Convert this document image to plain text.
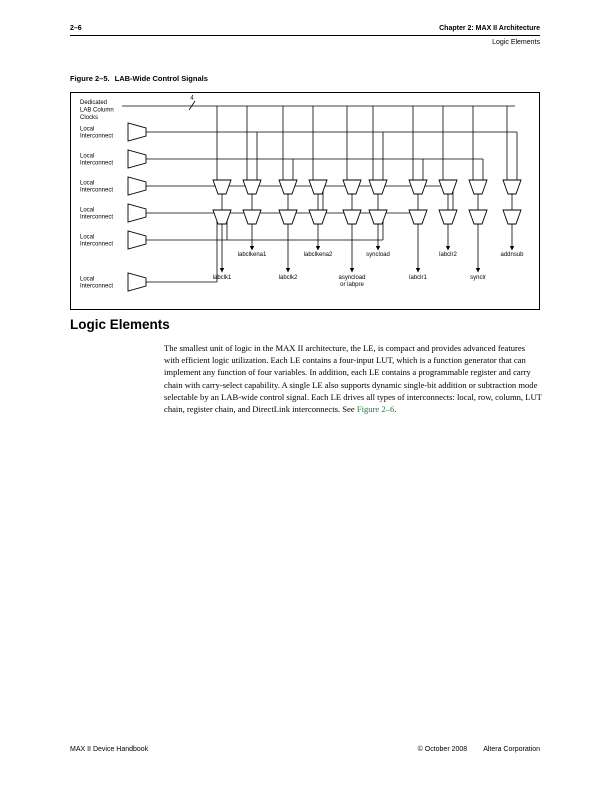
2–6	Chapter 2: MAX II Architecture
Logic Elements
Figure 2–5. LAB-Wide Control Signals
Dedicated
LAB Column
Clocks
4
Local
Interconnect
Local
Interconnect
Local
Interconnect
Local
Interconnect
Local
Interconnect
Local
Interconnect
labclkena1	labclkena2	syncload	labclr2	addnsub
labclk1	labclk2	asyncload
or labpre
labclr1	synclr
Logic Elements
The smallest unit of logic in the MAX II architecture, the LE, is compact and provides advanced features with efficient logic utilization. Each LE contains a four-input LUT, which is a function generator that can implement any function of four variables. In addition, each LE contains a programmable register and carry chain with carry-select capability. A single LE also supports dynamic single-bit addition or subtraction mode selectable by an LAB-wide control signal. Each LE drives all types of interconnects: local, row, column, LUT chain, register chain, and DirectLink interconnects. See Figure 2–6.
MAX II Device Handbook	© October 2008 Altera Corporation
